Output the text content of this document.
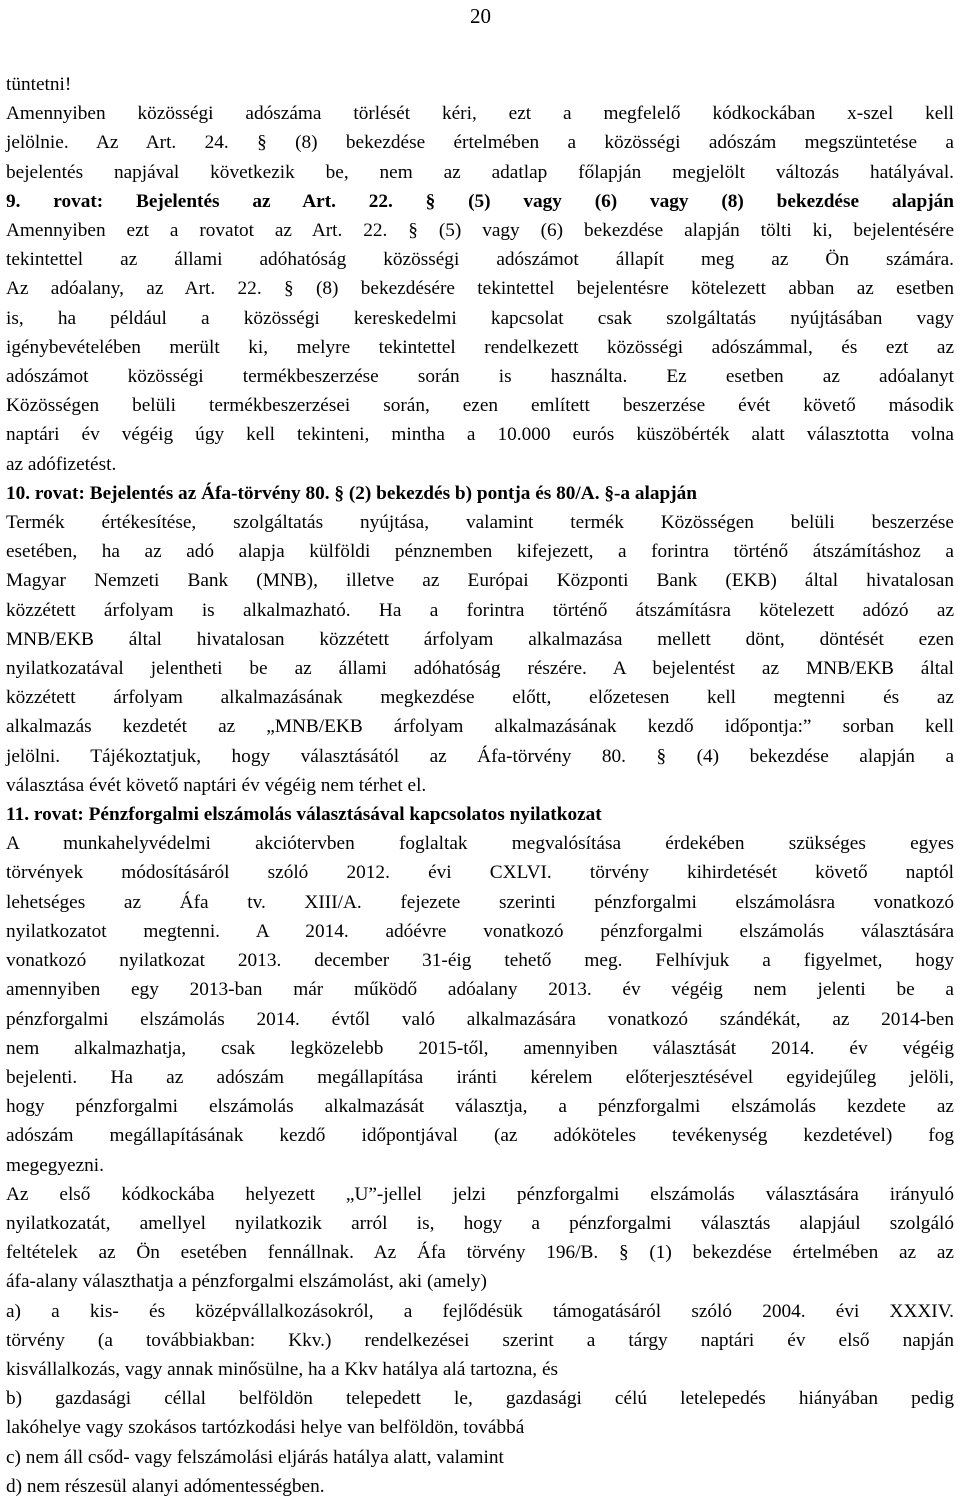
20
tüntetni!
Amennyiben közösségi adószáma törlését kéri, ezt a megfelelő kódkockában x-szel kell
jelölnie. Az Art. 24. § (8) bekezdése értelmében a közösségi adószám megszüntetése a
bejelentés napjával következik be, nem az adatlap főlapján megjelölt változás hatályával.
9. rovat: Bejelentés az Art. 22. § (5) vagy (6) vagy (8) bekezdése alapján
Amennyiben ezt a rovatot az Art. 22. § (5) vagy (6) bekezdése alapján tölti ki, bejelentésére
tekintettel az állami adóhatóság közösségi adószámot állapít meg az Ön számára.
Az adóalany, az Art. 22. § (8) bekezdésére tekintettel bejelentésre kötelezett abban az esetben
is, ha például a közösségi kereskedelmi kapcsolat csak szolgáltatás nyújtásában vagy
igénybevételében merült ki, melyre tekintettel rendelkezett közösségi adószámmal, és ezt az
adószámot közösségi termékbeszerzése során is használta. Ez esetben az adóalanyt
Közösségen belüli termékbeszerzései során, ezen említett beszerzése évét követő második
naptári év végéig úgy kell tekinteni, mintha a 10.000 eurós küszöbérték alatt választotta volna
az adófizetést.
10. rovat: Bejelentés az Áfa-törvény 80. § (2) bekezdés b) pontja és 80/A. §-a alapján
Termék értékesítése, szolgáltatás nyújtása, valamint termék Közösségen belüli beszerzése
esetében, ha az adó alapja külföldi pénznemben kifejezett, a forintra történő átszámításhoz a
Magyar Nemzeti Bank (MNB), illetve az Európai Központi Bank (EKB) által hivatalosan
közzétett árfolyam is alkalmazható. Ha a forintra történő átszámításra kötelezett adózó az
MNB/EKB által hivatalosan közzétett árfolyam alkalmazása mellett dönt, döntését ezen
nyilatkozatával jelentheti be az állami adóhatóság részére. A bejelentést az MNB/EKB által
közzétett árfolyam alkalmazásának megkezdése előtt, előzetesen kell megtenni és az
alkalmazás kezdetét az „MNB/EKB árfolyam alkalmazásának kezdő időpontja:” sorban kell
jelölni. Tájékoztatjuk, hogy választásától az Áfa-törvény 80. § (4) bekezdése alapján a
választása évét követő naptári év végéig nem térhet el.
11. rovat: Pénzforgalmi elszámolás választásával kapcsolatos nyilatkozat
A munkahelyvédelmi akciótervben foglaltak megvalósítása érdekében szükséges egyes
törvények módosításáról szóló 2012. évi CXLVI. törvény kihirdetését követő naptól
lehetséges az Áfa tv. XIII/A. fejezete szerinti pénzforgalmi elszámolásra vonatkozó
nyilatkozatot megtenni. A 2014. adóévre vonatkozó pénzforgalmi elszámolás választására
vonatkozó nyilatkozat 2013. december 31-éig tehető meg. Felhívjuk a figyelmet, hogy
amennyiben egy 2013-ban már működő adóalany 2013. év végéig nem jelenti be a
pénzforgalmi elszámolás 2014. évtől való alkalmazására vonatkozó szándékát, az 2014-ben
nem alkalmazhatja, csak legközelebb 2015-től, amennyiben választását 2014. év végéig
bejelenti. Ha az adószám megállapítása iránti kérelem előterjesztésével egyidejűleg jelöli,
hogy pénzforgalmi elszámolás alkalmazását választja, a pénzforgalmi elszámolás kezdete az
adószám megállapításának kezdő időpontjával (az adóköteles tevékenység kezdetével) fog
megegyezni.
Az első kódkockába helyezett „U”-jellel jelzi pénzforgalmi elszámolás választására irányuló
nyilatkozatát, amellyel nyilatkozik arról is, hogy a pénzforgalmi választás alapjául szolgáló
feltételek az Ön esetében fennállnak. Az Áfa törvény 196/B. § (1) bekezdése értelmében az az
áfa-alany választhatja a pénzforgalmi elszámolást, aki (amely)
a) a kis- és középvállalkozásokról, a fejlődésük támogatásáról szóló 2004. évi XXXIV.
törvény (a továbbiakban: Kkv.) rendelkezései szerint a tárgy naptári év első napján
kisvállalkozás, vagy annak minősülne, ha a Kkv hatálya alá tartozna, és
b) gazdasági céllal belföldön telepedett le, gazdasági célú letelepedés hiányában pedig
lakóhelye vagy szokásos tartózkodási helye van belföldön, továbbá
c) nem áll csőd- vagy felszámolási eljárás hatálya alatt, valamint
d) nem részesül alanyi adómentességben.
